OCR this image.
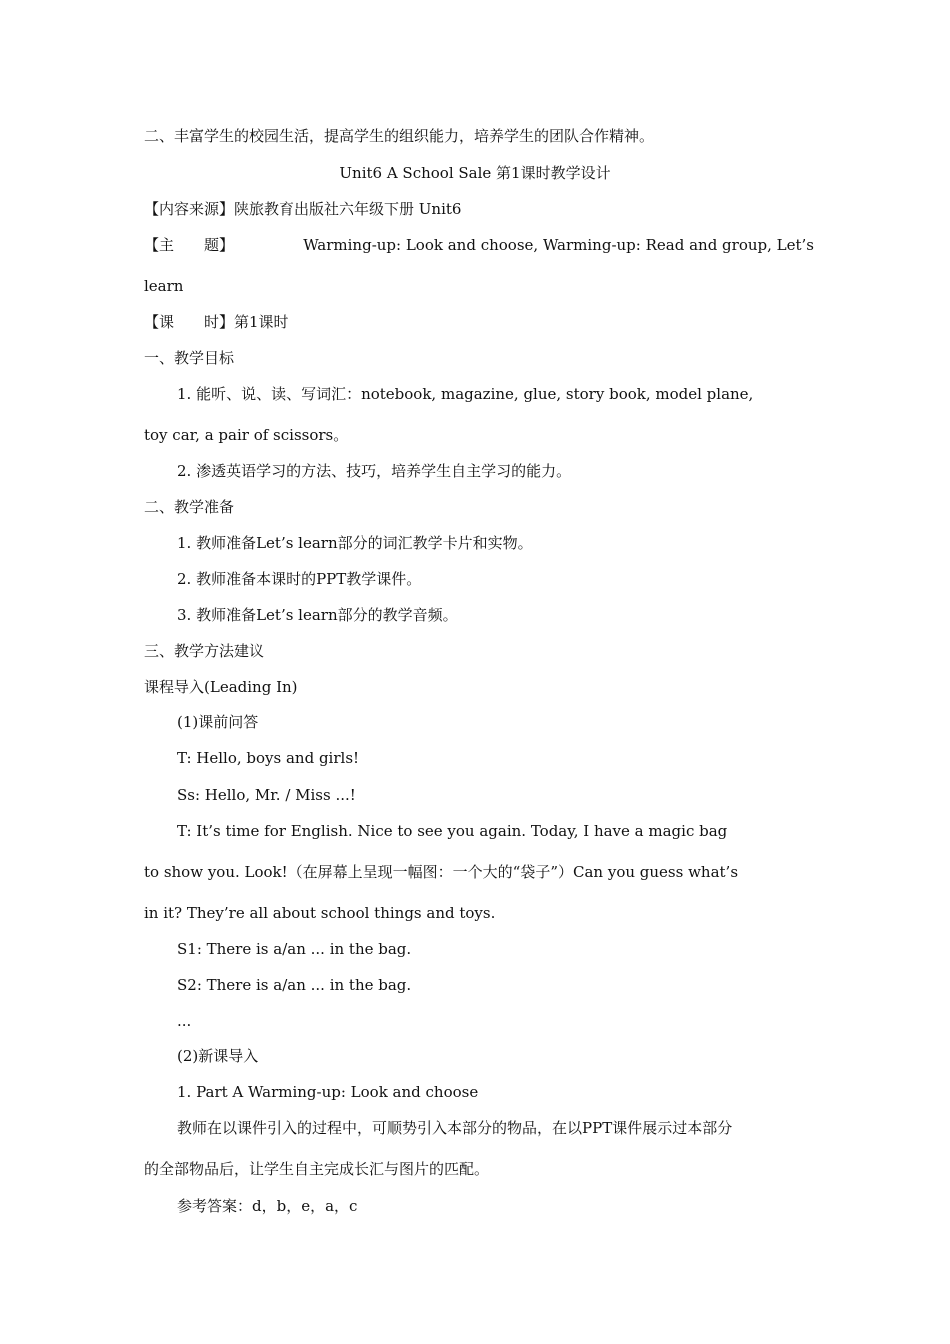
二、丰富学生的校园生活，提高学生的组织能力，培养学生的团队合作精神。
Unit6 A School Sale 第1课时教学设计
【内容来源】陕旅教育出版社六年级下册 Unit6
【主　　题】	Warming-up: Look and choose, Warming-up: Read and group, Let’s
learn
【课　　时】第1课时
一、教学目标
1. 能听、说、读、写词汇：notebook, magazine, glue, story book, model plane,
toy car, a pair of scissors。
2. 渗透英语学习的方法、技巧，培养学生自主学习的能力。
二、教学准备
1. 教师准备Let’s learn部分的词汇教学卡片和实物。
2. 教师准备本课时的PPT教学课件。
3. 教师准备Let’s learn部分的教学音频。
三、教学方法建议
课程导入(Leading In)
(1)课前问答
T: Hello, boys and girls!
Ss: Hello, Mr. / Miss ...!
T: It’s time for English. Nice to see you again. Today, I have a magic bag
to show you. Look!（在屏幕上呈现一幅图：一个大的“袋子”）Can you guess what’s
in it? They’re all about school things and toys.
S1: There is a/an ... in the bag.
S2: There is a/an ... in the bag.
...
(2)新课导入
1. Part A Warming-up: Look and choose
教师在以课件引入的过程中，可顺势引入本部分的物品，在以PPT课件展示过本部分
的全部物品后，让学生自主完成长汇与图片的匹配。
参考答案：d，b，e，a，c
